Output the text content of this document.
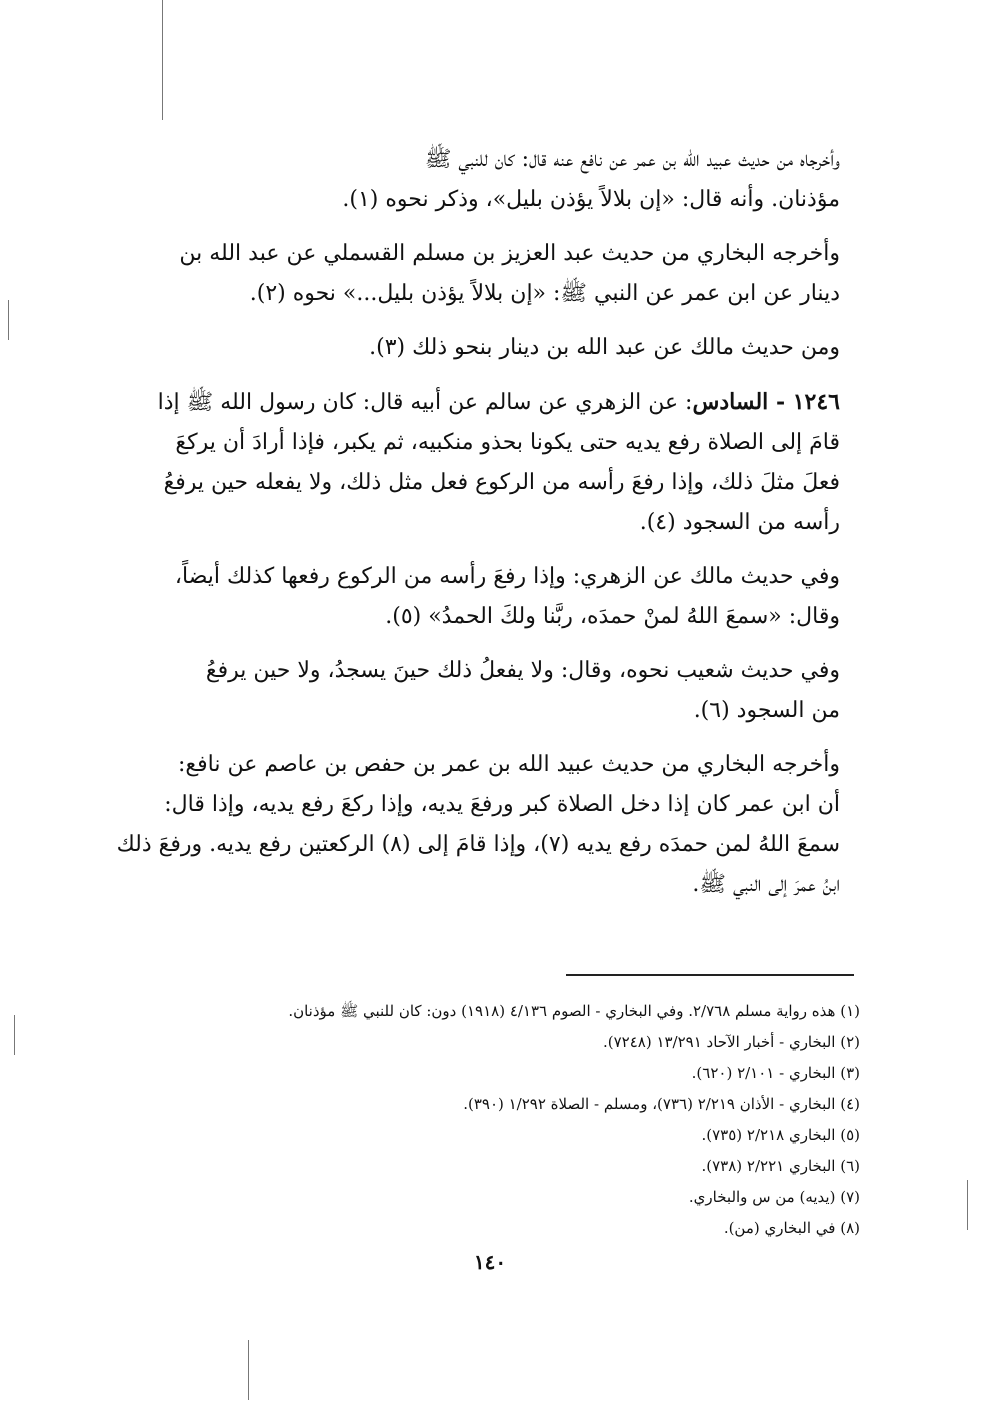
وأخرجاه من حديث عبيد الله بن عمر عن نافع عنه قال: كان للنبي ﷺ
مؤذنان. وأنه قال: «إن بلالاً يؤذن بليل»، وذكر نحوه (١).

وأخرجه البخاري من حديث عبد العزيز بن مسلم القسملي عن عبد الله بن
دينار عن ابن عمر عن النبي ﷺ: «إن بلالاً يؤذن بليل...» نحوه (٢).

ومن حديث مالك عن عبد الله بن دينار بنحو ذلك (٣).

١٢٤٦ - السادس: عن الزهري عن سالم عن أبيه قال: كان رسول الله ﷺ إذا
قامَ إلى الصلاة رفع يديه حتى يكونا بحذو منكبيه، ثم يكبر، فإذا أرادَ أن يركعَ
فعلَ مثلَ ذلك، وإذا رفعَ رأسه من الركوع فعل مثل ذلك، ولا يفعله حين يرفعُ
رأسه من السجود (٤).

وفي حديث مالك عن الزهري: وإذا رفعَ رأسه من الركوع رفعها كذلك أيضاً،
وقال: «سمعَ اللهُ لمنْ حمدَه، ربَّنا ولكَ الحمدُ» (٥).

وفي حديث شعيب نحوه، وقال: ولا يفعلُ ذلك حينَ يسجدُ، ولا حين يرفعُ
من السجود (٦).

وأخرجه البخاري من حديث عبيد الله بن عمر بن حفص بن عاصم عن نافع:
أن ابن عمر كان إذا دخل الصلاة كبر ورفعَ يديه، وإذا ركعَ رفع يديه، وإذا قال:
سمعَ اللهُ لمن حمدَه رفع يديه (٧)، وإذا قامَ إلى (٨) الركعتين رفع يديه. ورفعَ ذلك
ابنُ عمرَ إلى النبي ﷺ.

(١) هذه رواية مسلم ٢/٧٦٨. وفي البخاري - الصوم ٤/١٣٦ (١٩١٨) دون: كان للنبي ﷺ مؤذنان.

(٢) البخاري - أخبار الآحاد ١٣/٢٩١ (٧٢٤٨).

(٣) البخاري - ٢/١٠١ (٦٢٠).

(٤) البخاري - الأذان ٢/٢١٩ (٧٣٦)، ومسلم - الصلاة ١/٢٩٢ (٣٩٠).

(٥) البخاري ٢/٢١٨ (٧٣٥).

(٦) البخاري ٢/٢٢١ (٧٣٨).

(٧) (يديه) من س والبخاري.

(٨) في البخاري (من).

١٤٠
